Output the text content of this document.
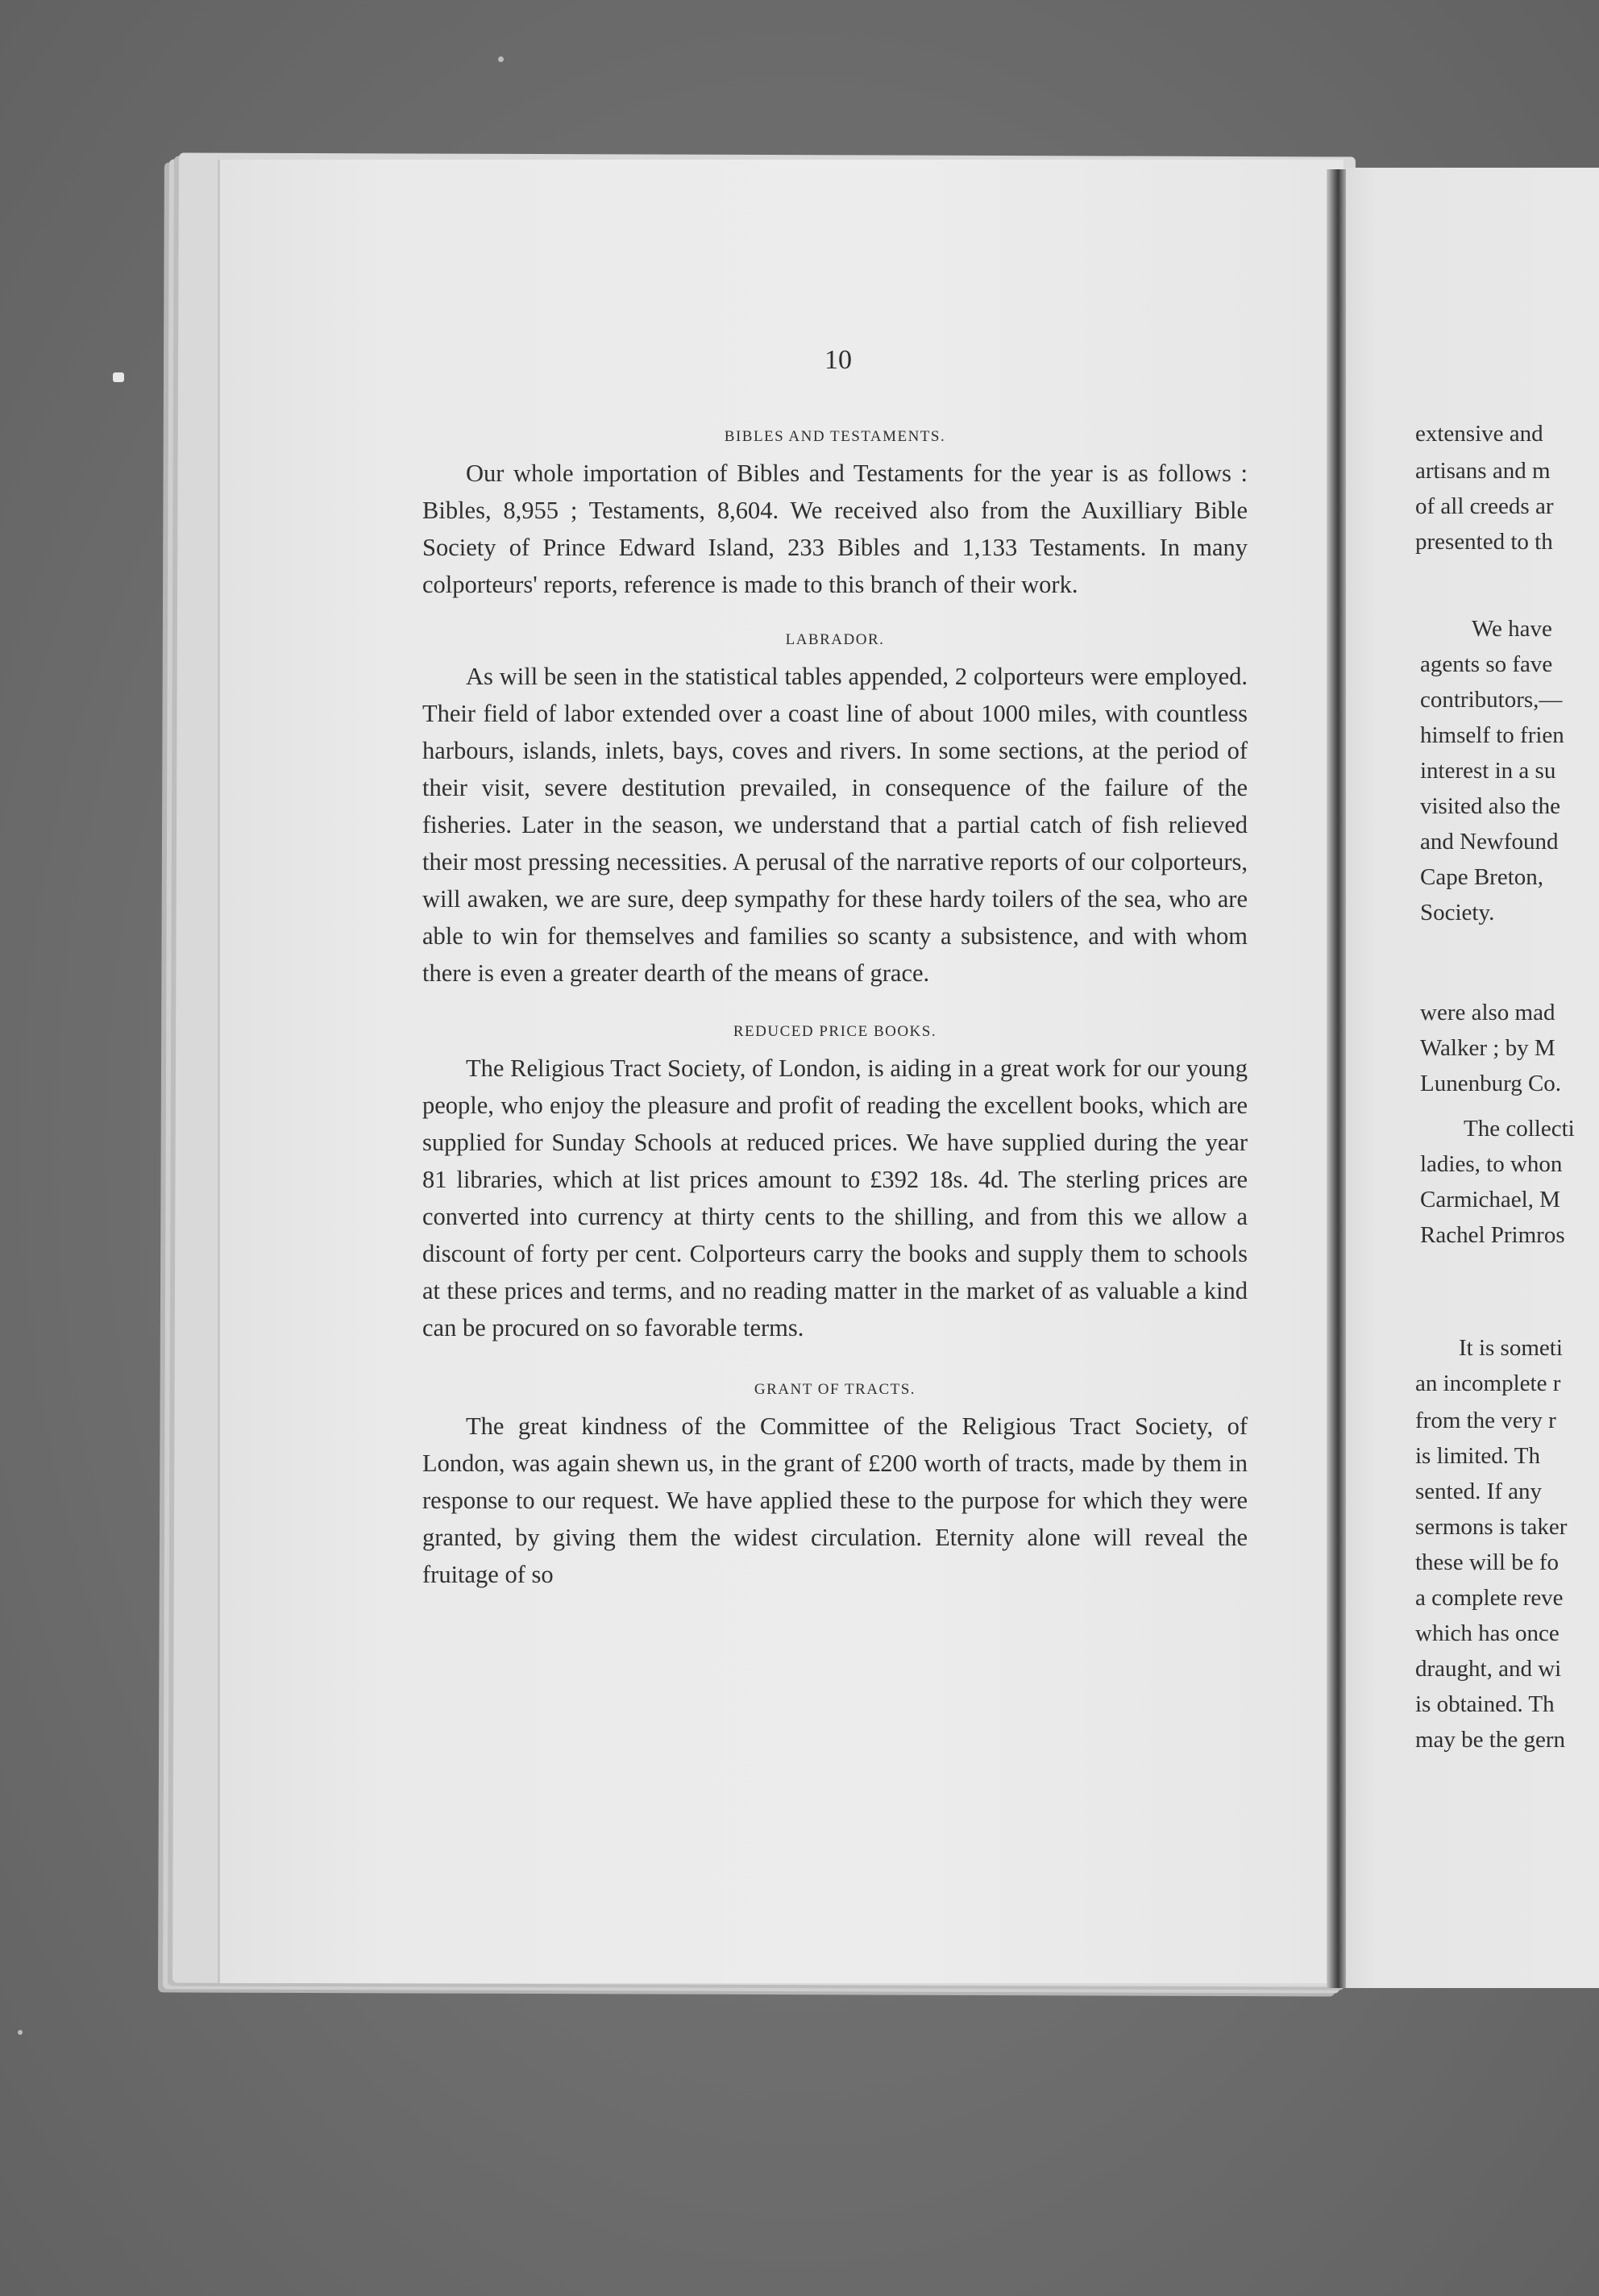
10
BIBLES AND TESTAMENTS.

Our whole importation of Bibles and Testaments for the year is as follows : Bibles, 8,955 ; Testaments, 8,604. We received also from the Auxilliary Bible Society of Prince Edward Island, 233 Bibles and 1,133 Testaments. In many colporteurs' reports, reference is made to this branch of their work.

LABRADOR.

As will be seen in the statistical tables appended, 2 colporteurs were employed. Their field of labor extended over a coast line of about 1000 miles, with countless harbours, islands, inlets, bays, coves and rivers. In some sections, at the period of their visit, severe destitution prevailed, in consequence of the failure of the fisheries. Later in the season, we understand that a partial catch of fish relieved their most pressing necessities. A perusal of the narrative reports of our colporteurs, will awaken, we are sure, deep sympathy for these hardy toilers of the sea, who are able to win for themselves and families so scanty a subsistence, and with whom there is even a greater dearth of the means of grace.

REDUCED PRICE BOOKS.

The Religious Tract Society, of London, is aiding in a great work for our young people, who enjoy the pleasure and profit of reading the excellent books, which are supplied for Sunday Schools at reduced prices. We have supplied during the year 81 libraries, which at list prices amount to £392 18s. 4d. The sterling prices are converted into currency at thirty cents to the shilling, and from this we allow a discount of forty per cent. Colporteurs carry the books and supply them to schools at these prices and terms, and no reading matter in the market of as valuable a kind can be procured on so favorable terms.

GRANT OF TRACTS.

The great kindness of the Committee of the Religious Tract Society, of London, was again shewn us, in the grant of £200 worth of tracts, made by them in response to our request. We have applied these to the purpose for which they were granted, by giving them the widest circulation. Eternity alone will reveal the fruitage of so

extensive and
artisans and m
of all creeds ar
presented to th
We have
agents so fave
contributors,—
himself to frien
interest in a su
visited also the
and Newfound
Cape Breton,
Society.
were also mad
Walker ; by M
Lunenburg Co.
The collecti
ladies, to whon
Carmichael, M
Rachel Primros
It is someti
an incomplete r
from the very r
is limited. Th
sented. If any
sermons is taker
these will be fo
a complete reve
which has once
draught, and wi
is obtained. Th
may be the gern
